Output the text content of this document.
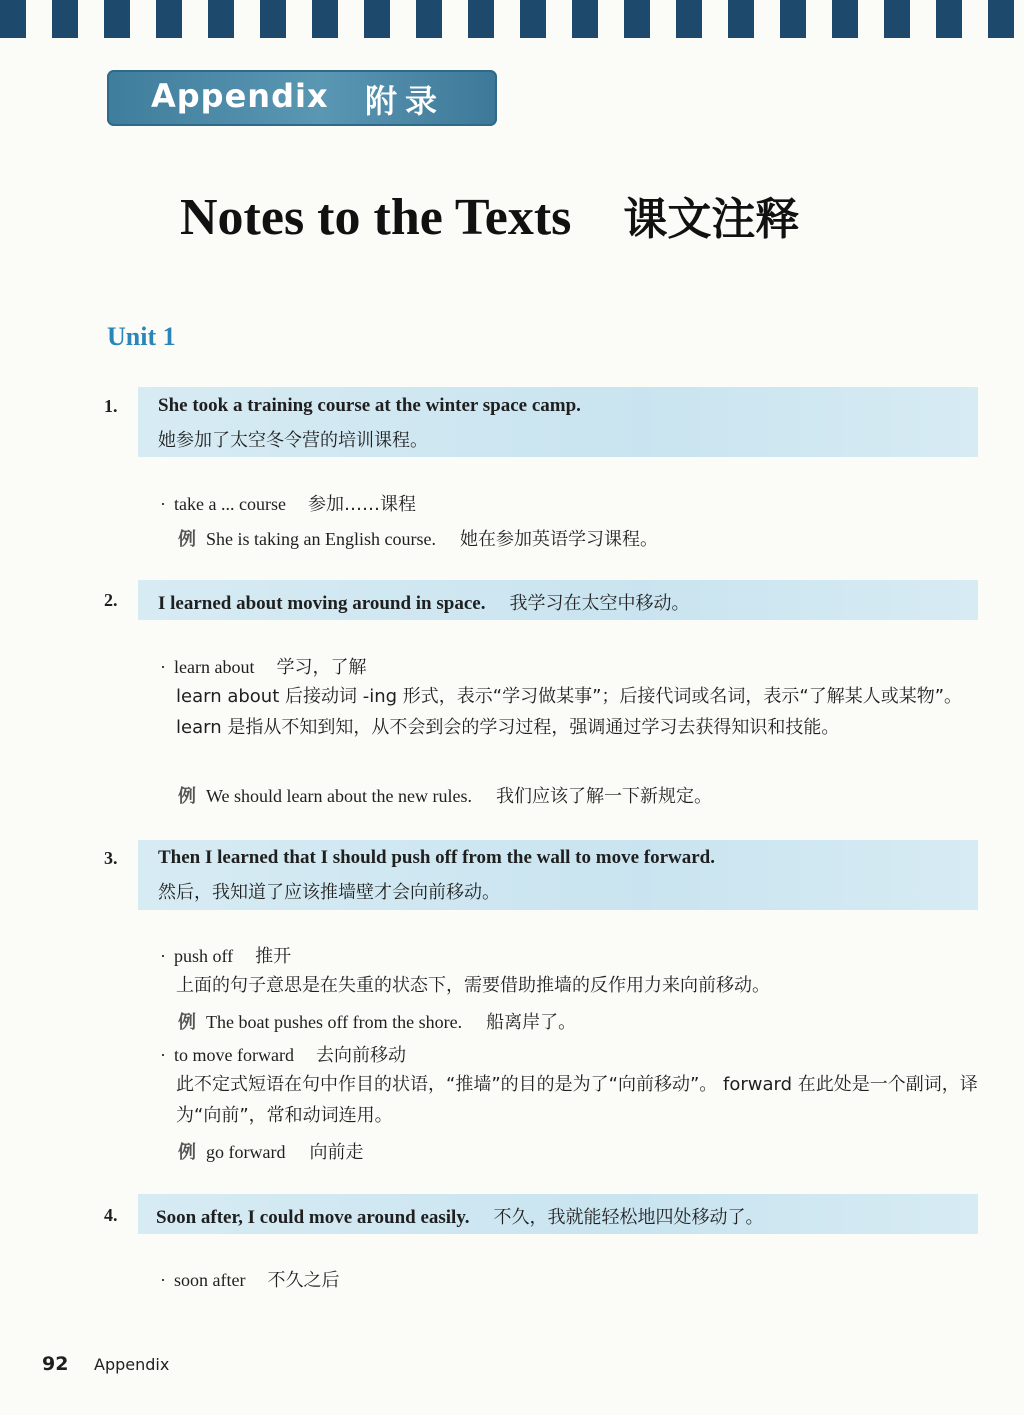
Appendix 附录
Notes to the Texts 课文注释
Unit 1
1. She took a training course at the winter space camp.
她参加了太空冬令营的培训课程。
· take a ... course 参加……课程
例 She is taking an English course. 她在参加英语学习课程。
2. I learned about moving around in space. 我学习在太空中移动。
· learn about 学习，了解
learn about 后接动词 -ing 形式，表示“学习做某事”；后接代词或名词，表示“了解某人或某物”。 learn 是指从不知到知，从不会到会的学习过程，强调通过学习去获得知识和技能。
例 We should learn about the new rules. 我们应该了解一下新规定。
3. Then I learned that I should push off from the wall to move forward.
然后，我知道了应该推墙壁才会向前移动。
· push off 推开
上面的句子意思是在失重的状态下，需要借助推墙的反作用力来向前移动。
例 The boat pushes off from the shore. 船离岸了。
· to move forward 去向前移动
此不定式短语在句中作目的状语，“推墙”的目的是为了“向前移动”。 forward 在此处是一个副词，译为“向前”，常和动词连用。
例 go forward 向前走
4. Soon after, I could move around easily. 不久，我就能轻松地四处移动了。
· soon after 不久之后
92 Appendix
